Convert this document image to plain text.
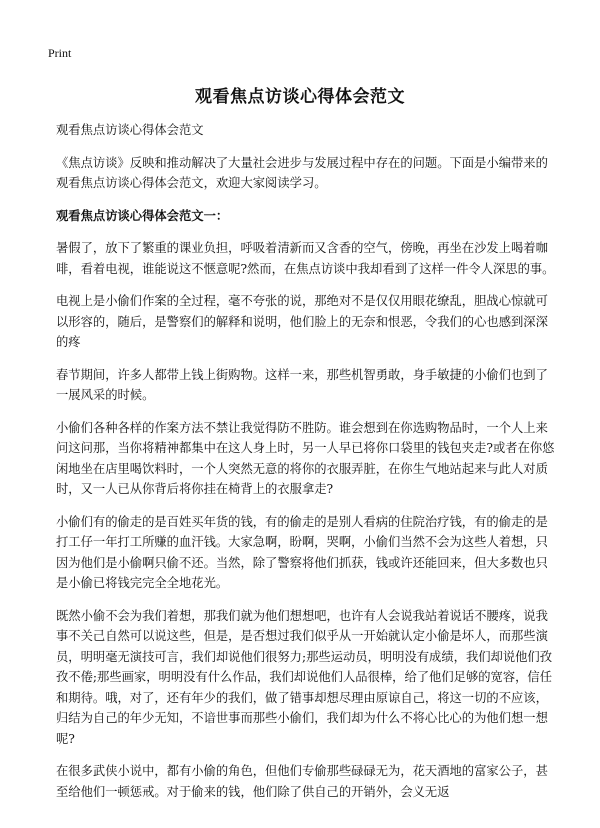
Print
观看焦点访谈心得体会范文

观看焦点访谈心得体会范文

《焦点访谈》反映和推动解决了大量社会进步与发展过程中存在的问题。下面是小编带来的观看焦点访谈心得体会范文，欢迎大家阅读学习。

观看焦点访谈心得体会范文一：

暑假了，放下了繁重的课业负担，呼吸着清新而又含香的空气，傍晚，再坐在沙发上喝着咖啡，看着电视，谁能说这不惬意呢?然而，在焦点访谈中我却看到了这样一件令人深思的事。

电视上是小偷们作案的全过程，毫不夸张的说，那绝对不是仅仅用眼花缭乱，胆战心惊就可以形容的，随后，是警察们的解释和说明，他们脸上的无奈和恨恶，令我们的心也感到深深的疼

春节期间，许多人都带上钱上街购物。这样一来，那些机智勇敢，身手敏捷的小偷们也到了一展风采的时候。

小偷们各种各样的作案方法不禁让我觉得防不胜防。谁会想到在你选购物品时，一个人上来问这问那，当你将精神都集中在这人身上时，另一人早已将你口袋里的钱包夹走?或者在你悠闲地坐在店里喝饮料时，一个人突然无意的将你的衣服弄脏，在你生气地站起来与此人对质时，又一人已从你背后将你挂在椅背上的衣服拿走?

小偷们有的偷走的是百姓买年货的钱，有的偷走的是别人看病的住院治疗钱，有的偷走的是打工仔一年打工所赚的血汗钱。大家急啊，盼啊，哭啊，小偷们当然不会为这些人着想，只因为他们是小偷啊只偷不还。当然，除了警察将他们抓获，钱或许还能回来，但大多数也只是小偷已将钱完完全全地花光。

既然小偷不会为我们着想，那我们就为他们想想吧，也许有人会说我站着说话不腰疼，说我事不关己自然可以说这些，但是，是否想过我们似乎从一开始就认定小偷是坏人，而那些演员，明明毫无演技可言，我们却说他们很努力;那些运动员，明明没有成绩，我们却说他们孜孜不倦;那些画家，明明没有什么作品，我们却说他们人品很棒，给了他们足够的宽容，信任和期待。哦，对了，还有年少的我们，做了错事却想尽理由原谅自己，将这一切的不应该，归结为自己的年少无知，不谙世事而那些小偷们，我们却为什么不将心比心的为他们想一想呢?

在很多武侠小说中，都有小偷的角色，但他们专偷那些碌碌无为，花天酒地的富家公子，甚至给他们一顿惩戒。对于偷来的钱，他们除了供自己的开销外，会义无返
